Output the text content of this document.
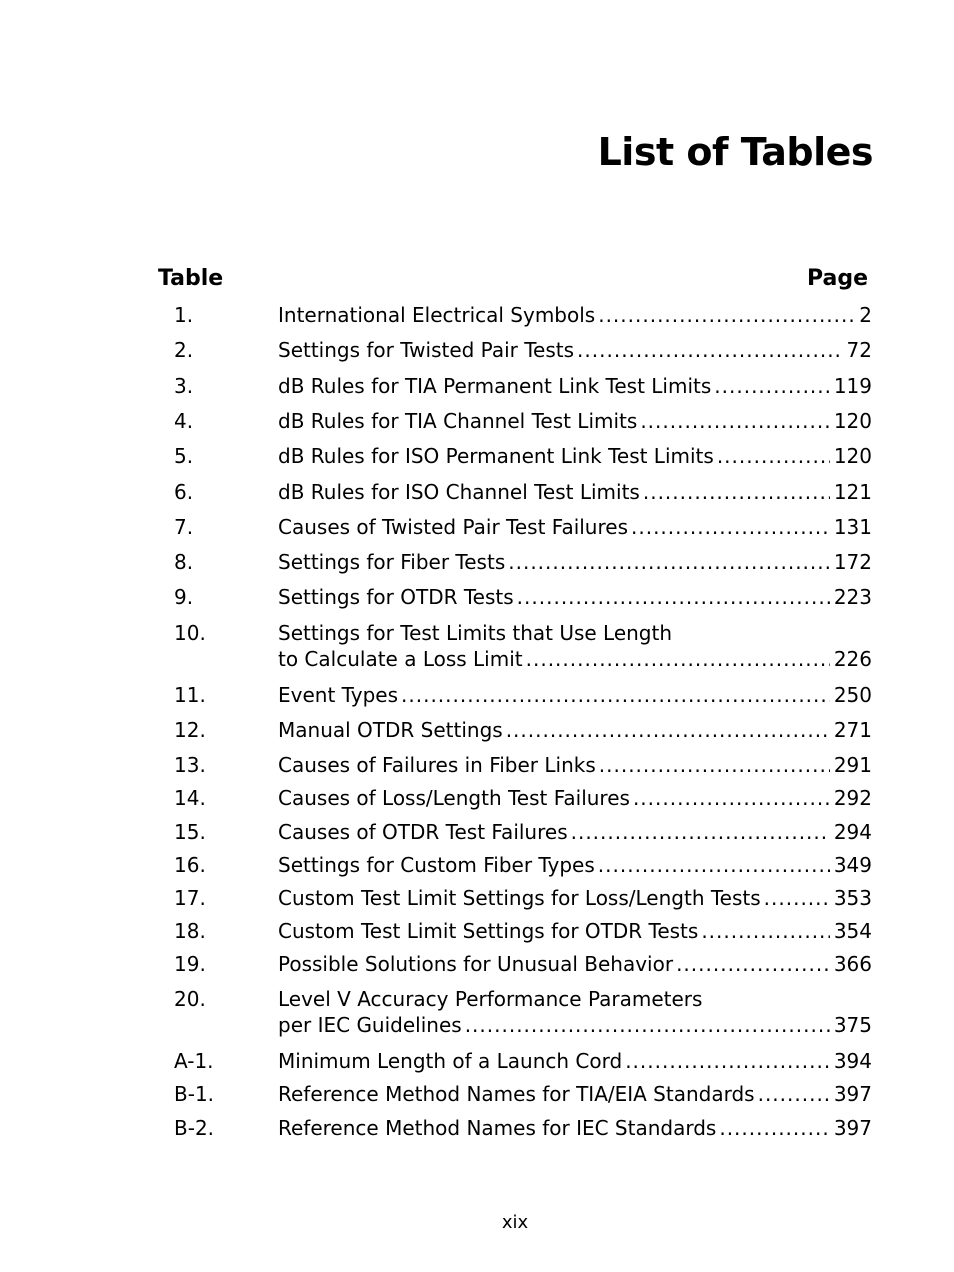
List of Tables
Table	Page
1.	International Electrical Symbols .....	2
2.	Settings for Twisted Pair Tests .....	72
3.	dB Rules for TIA Permanent Link Test Limits .....	119
4.	dB Rules for TIA Channel Test Limits .....	120
5.	dB Rules for ISO Permanent Link Test Limits .....	120
6.	dB Rules for ISO Channel Test Limits .....	121
7.	Causes of Twisted Pair Test Failures .....	131
8.	Settings for Fiber Tests .....	172
9.	Settings for OTDR Tests .....	223
10.	Settings for Test Limits that Use Length
to Calculate a Loss Limit .....	226
11.	Event Types .....	250
12.	Manual OTDR Settings .....	271
13.	Causes of Failures in Fiber Links .....	291
14.	Causes of Loss/Length Test Failures .....	292
15.	Causes of OTDR Test Failures .....	294
16.	Settings for Custom Fiber Types .....	349
17.	Custom Test Limit Settings for Loss/Length Tests .....	353
18.	Custom Test Limit Settings for OTDR Tests .....	354
19.	Possible Solutions for Unusual Behavior .....	366
20.	Level V Accuracy Performance Parameters
per IEC Guidelines .....	375
A-1.	Minimum Length of a Launch Cord .....	394
B-1.	Reference Method Names for TIA/EIA Standards .....	397
B-2.	Reference Method Names for IEC Standards .....	397
xix
